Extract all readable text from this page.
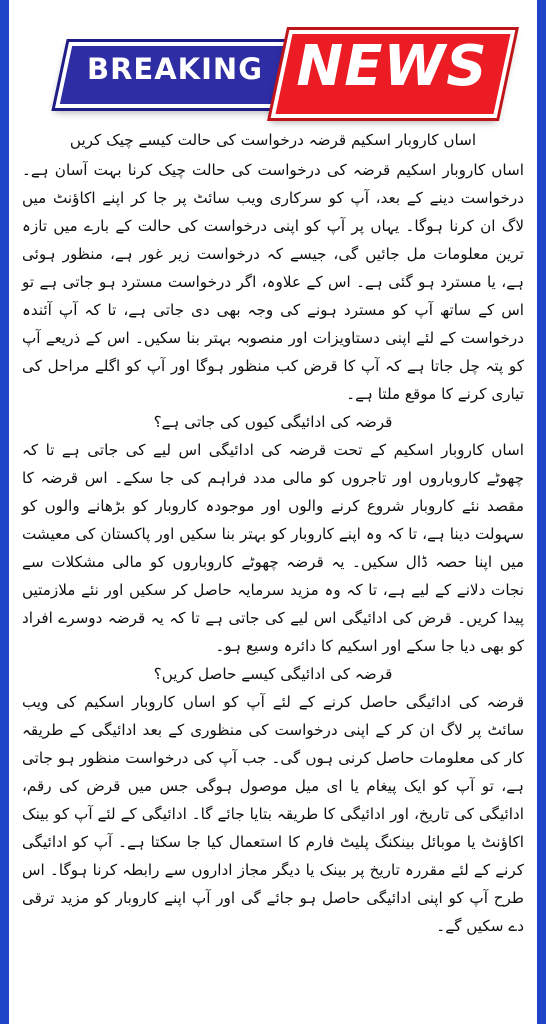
BREAKING NEWS
اساں کاروبار اسکیم قرضہ درخواست کی حالت کیسے چیک کریں

اساں کاروبار اسکیم قرضہ کی درخواست کی حالت چیک کرنا بہت آسان ہے۔ درخواست دینے کے بعد، آپ کو سرکاری ویب سائٹ پر جا کر اپنے اکاؤنٹ میں لاگ ان کرنا ہوگا۔ یہاں پر آپ کو اپنی درخواست کی حالت کے بارے میں تازہ ترین معلومات مل جائیں گی، جیسے کہ درخواست زیر غور ہے، منظور ہوئی ہے، یا مسترد ہو گئی ہے۔ اس کے علاوہ، اگر درخواست مسترد ہو جاتی ہے تو اس کے ساتھ آپ کو مسترد ہونے کی وجہ بھی دی جاتی ہے، تا کہ آپ آئندہ درخواست کے لئے اپنی دستاویزات اور منصوبہ بہتر بنا سکیں۔ اس کے ذریعے آپ کو پتہ چل جاتا ہے کہ آپ کا قرض کب منظور ہوگا اور آپ کو اگلے مراحل کی تیاری کرنے کا موقع ملتا ہے۔

قرضہ کی ادائیگی کیوں کی جاتی ہے؟

اساں کاروبار اسکیم کے تحت قرضہ کی ادائیگی اس لیے کی جاتی ہے تا کہ چھوٹے کاروباروں اور تاجروں کو مالی مدد فراہم کی جا سکے۔ اس قرضہ کا مقصد نئے کاروبار شروع کرنے والوں اور موجودہ کاروبار کو بڑھانے والوں کو سہولت دینا ہے، تا کہ وہ اپنے کاروبار کو بہتر بنا سکیں اور پاکستان کی معیشت میں اپنا حصہ ڈال سکیں۔ یہ قرضہ چھوٹے کاروباروں کو مالی مشکلات سے نجات دلانے کے لیے ہے، تا کہ وہ مزید سرمایہ حاصل کر سکیں اور نئے ملازمتیں پیدا کریں۔ قرض کی ادائیگی اس لیے کی جاتی ہے تا کہ یہ قرضہ دوسرے افراد کو بھی دیا جا سکے اور اسکیم کا دائرہ وسیع ہو۔

قرضہ کی ادائیگی کیسے حاصل کریں؟

قرضہ کی ادائیگی حاصل کرنے کے لئے آپ کو اساں کاروبار اسکیم کی ویب سائٹ پر لاگ ان کر کے اپنی درخواست کی منظوری کے بعد ادائیگی کے طریقہ کار کی معلومات حاصل کرنی ہوں گی۔ جب آپ کی درخواست منظور ہو جاتی ہے، تو آپ کو ایک پیغام یا ای میل موصول ہوگی جس میں قرض کی رقم، ادائیگی کی تاریخ، اور ادائیگی کا طریقہ بتایا جائے گا۔ ادائیگی کے لئے آپ کو بینک اکاؤنٹ یا موبائل بینکنگ پلیٹ فارم کا استعمال کیا جا سکتا ہے۔ آپ کو ادائیگی کرنے کے لئے مقررہ تاریخ پر بینک یا دیگر مجاز اداروں سے رابطہ کرنا ہوگا۔ اس طرح آپ کو اپنی ادائیگی حاصل ہو جائے گی اور آپ اپنے کاروبار کو مزید ترقی دے سکیں گے۔
